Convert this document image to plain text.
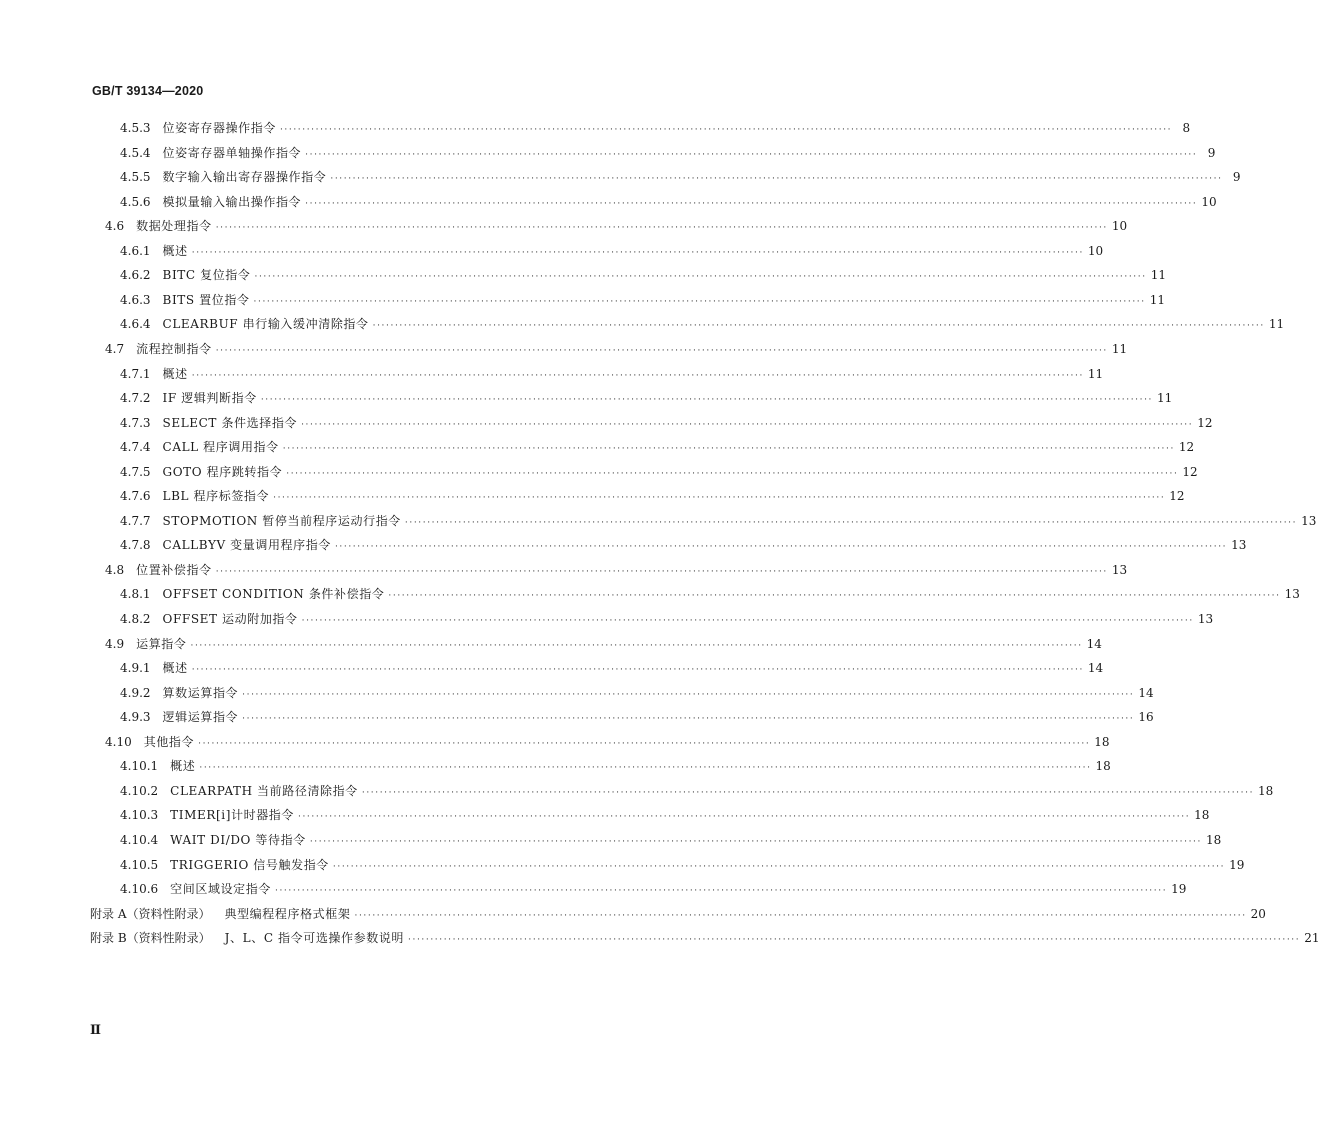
GB/T 39134—2020
4.5.3 位姿寄存器操作指令 ········································································································································································································ 8
4.5.4 位姿寄存器单轴操作指令 ········································································································································································································ 9
4.5.5 数字输入输出寄存器操作指令 ········································································································································································································ 9
4.5.6 模拟量输入输出操作指令 ········································································································································································································ 10
4.6 数据处理指令 ········································································································································································································ 10
4.6.1 概述 ········································································································································································································ 10
4.6.2 BITC 复位指令 ········································································································································································································ 11
4.6.3 BITS 置位指令 ········································································································································································································ 11
4.6.4 CLEARBUF 串行输入缓冲清除指令 ········································································································································································································ 11
4.7 流程控制指令 ········································································································································································································ 11
4.7.1 概述 ········································································································································································································ 11
4.7.2 IF 逻辑判断指令 ········································································································································································································ 11
4.7.3 SELECT 条件选择指令 ········································································································································································································ 12
4.7.4 CALL 程序调用指令 ········································································································································································································ 12
4.7.5 GOTO 程序跳转指令 ········································································································································································································ 12
4.7.6 LBL 程序标签指令 ········································································································································································································ 12
4.7.7 STOPMOTION 暂停当前程序运动行指令 ········································································································································································································ 13
4.7.8 CALLBYV 变量调用程序指令 ········································································································································································································ 13
4.8 位置补偿指令 ········································································································································································································ 13
4.8.1 OFFSET CONDITION 条件补偿指令 ········································································································································································································ 13
4.8.2 OFFSET 运动附加指令 ········································································································································································································ 13
4.9 运算指令 ········································································································································································································ 14
4.9.1 概述 ········································································································································································································ 14
4.9.2 算数运算指令 ········································································································································································································ 14
4.9.3 逻辑运算指令 ········································································································································································································ 16
4.10 其他指令 ········································································································································································································ 18
4.10.1 概述 ········································································································································································································ 18
4.10.2 CLEARPATH 当前路径清除指令 ········································································································································································································ 18
4.10.3 TIMER[i]计时器指令 ········································································································································································································ 18
4.10.4 WAIT DI/DO 等待指令 ········································································································································································································ 18
4.10.5 TRIGGERIO 信号触发指令 ········································································································································································································ 19
4.10.6 空间区域设定指令 ········································································································································································································ 19
附录 A（资料性附录） 典型编程程序格式框架 ········································································································································································································ 20
附录 B（资料性附录） J、L、C 指令可选操作参数说明 ········································································································································································································ 21
Ⅱ
